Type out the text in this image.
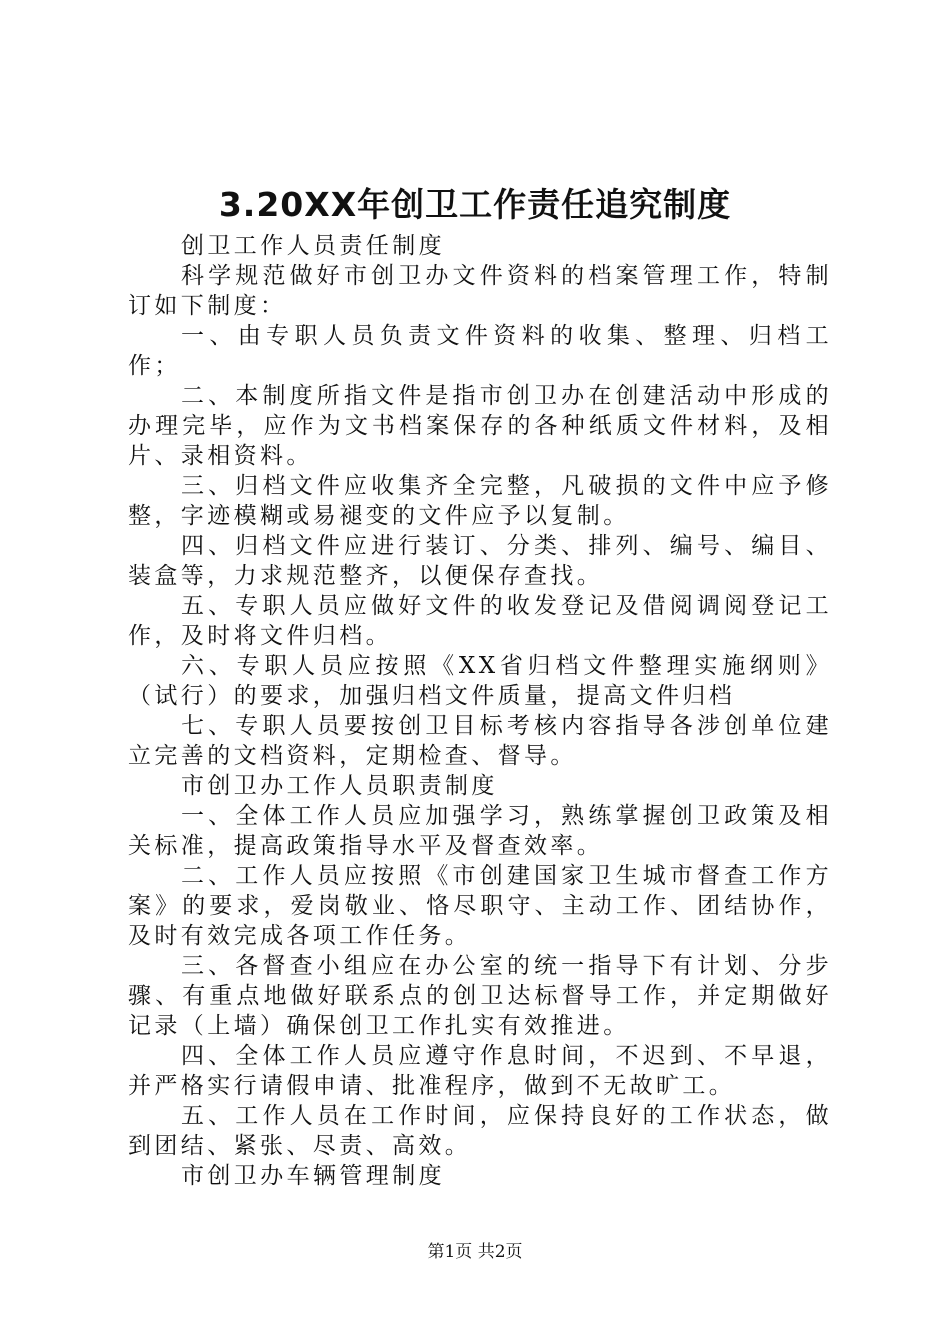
3.20XX年创卫工作责任追究制度

创卫工作人员责任制度

科学规范做好市创卫办文件资料的档案管理工作，特制订如下制度：

一、由专职人员负责文件资料的收集、整理、归档工作；

二、本制度所指文件是指市创卫办在创建活动中形成的办理完毕，应作为文书档案保存的各种纸质文件材料，及相片、录相资料。

三、归档文件应收集齐全完整，凡破损的文件中应予修整，字迹模糊或易褪变的文件应予以复制。

四、归档文件应进行装订、分类、排列、编号、编目、装盒等，力求规范整齐，以便保存查找。

五、专职人员应做好文件的收发登记及借阅调阅登记工作，及时将文件归档。

六、专职人员应按照《XX省归档文件整理实施纲则》（试行）的要求，加强归档文件质量，提高文件归档

七、专职人员要按创卫目标考核内容指导各涉创单位建立完善的文档资料，定期检查、督导。

市创卫办工作人员职责制度

一、全体工作人员应加强学习，熟练掌握创卫政策及相关标准，提高政策指导水平及督查效率。

二、工作人员应按照《市创建国家卫生城市督查工作方案》的要求，爱岗敬业、恪尽职守、主动工作、团结协作，及时有效完成各项工作任务。

三、各督查小组应在办公室的统一指导下有计划、分步骤、有重点地做好联系点的创卫达标督导工作，并定期做好记录（上墙）确保创卫工作扎实有效推进。

四、全体工作人员应遵守作息时间，不迟到、不早退，并严格实行请假申请、批准程序，做到不无故旷工。

五、工作人员在工作时间，应保持良好的工作状态，做到团结、紧张、尽责、高效。

市创卫办车辆管理制度

第1页 共2页
